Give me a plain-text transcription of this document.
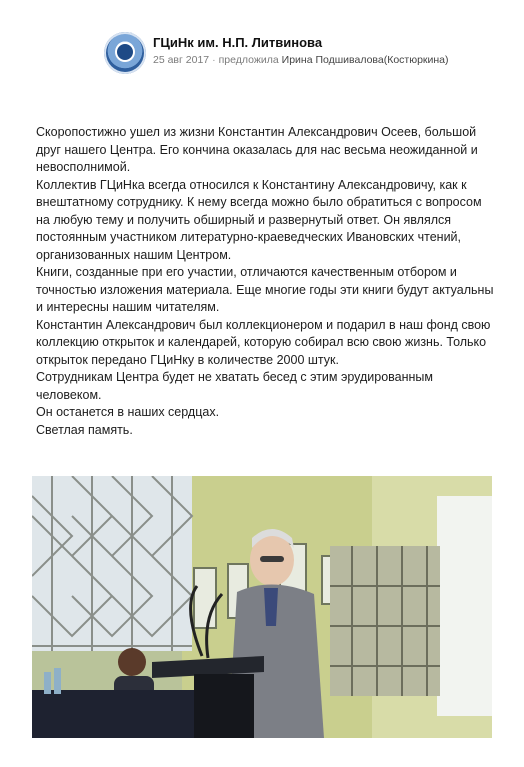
ГЦиНк им. Н.П. Литвинова
25 авг 2017 · предложила Ирина Подшивалова(Костюркина)

Скоропостижно ушел из жизни Константин Александрович Осеев, большой друг нашего Центра. Его кончина оказалась для нас весьма неожиданной и невосполнимой.

Коллектив ГЦиНка всегда относился к Константину Александровичу, как к внештатному сотруднику. К нему всегда можно было обратиться с вопросом на любую тему и получить обширный и развернутый ответ. Он являлся постоянным участником литературно-краеведческих Ивановских чтений, организованных нашим Центром.

Книги, созданные при его участии, отличаются качественным отбором и точностью изложения материала. Еще многие годы эти книги будут актуальны и интересны нашим читателям.

Константин Александрович был коллекционером и подарил в наш фонд свою коллекцию открыток и календарей, которую собирал всю свою жизнь. Только открыток передано ГЦиНку в количестве 2000 штук.

Сотрудникам Центра будет не хватать бесед с этим эрудированным человеком.

Он останется в наших сердцах.

Светлая память.
